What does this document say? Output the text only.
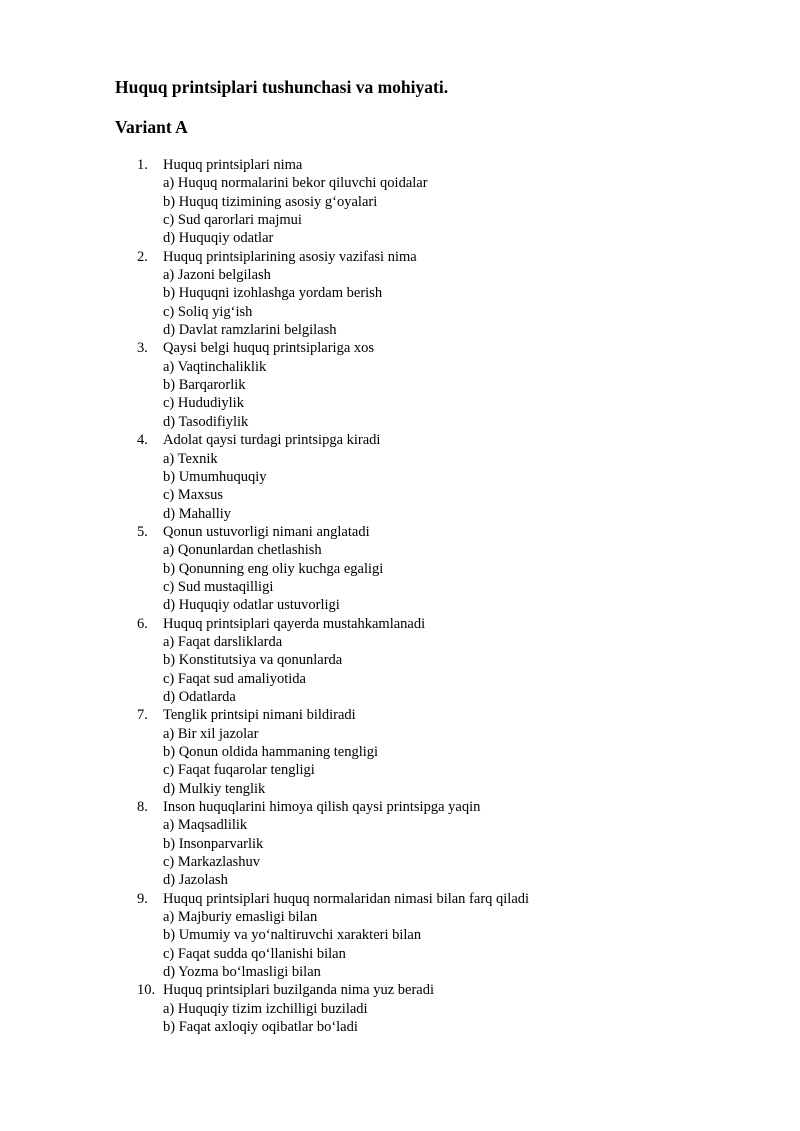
Huquq printsiplari tushunchasi va mohiyati.
Variant A
1.	Huquq printsiplari nima
a) Huquq normalarini bekor qiluvchi qoidalar
b) Huquq tizimining asosiy g‘oyalari
c) Sud qarorlari majmui
d) Huquqiy odatlar
2.	Huquq printsiplarining asosiy vazifasi nima
a) Jazoni belgilash
b) Huquqni izohlashga yordam berish
c) Soliq yig‘ish
d) Davlat ramzlarini belgilash
3.	Qaysi belgi huquq printsiplariga xos
a) Vaqtinchaliklik
b) Barqarorlik
c) Hududiylik
d) Tasodifiylik
4.	Adolat qaysi turdagi printsipga kiradi
a) Texnik
b) Umumhuquqiy
c) Maxsus
d) Mahalliy
5.	Qonun ustuvorligi nimani anglatadi
a) Qonunlardan chetlashish
b) Qonunning eng oliy kuchga egaligi
c) Sud mustaqilligi
d) Huquqiy odatlar ustuvorligi
6.	Huquq printsiplari qayerda mustahkamlanadi
a) Faqat darsliklarda
b) Konstitutsiya va qonunlarda
c) Faqat sud amaliyotida
d) Odatlarda
7.	Tenglik printsipi nimani bildiradi
a) Bir xil jazolar
b) Qonun oldida hammaning tengligi
c) Faqat fuqarolar tengligi
d) Mulkiy tenglik
8.	Inson huquqlarini himoya qilish qaysi printsipga yaqin
a) Maqsadlilik
b) Insonparvarlik
c) Markazlashuv
d) Jazolash
9.	Huquq printsiplari huquq normalaridan nimasi bilan farq qiladi
a) Majburiy emasligi bilan
b) Umumiy va yo‘naltiruvchi xarakteri bilan
c) Faqat sudda qo‘llanishi bilan
d) Yozma bo‘lmasligi bilan
10. Huquq printsiplari buzilganda nima yuz beradi
a) Huquqiy tizim izchilligi buziladi
b) Faqat axloqiy oqibatlar bo‘ladi
